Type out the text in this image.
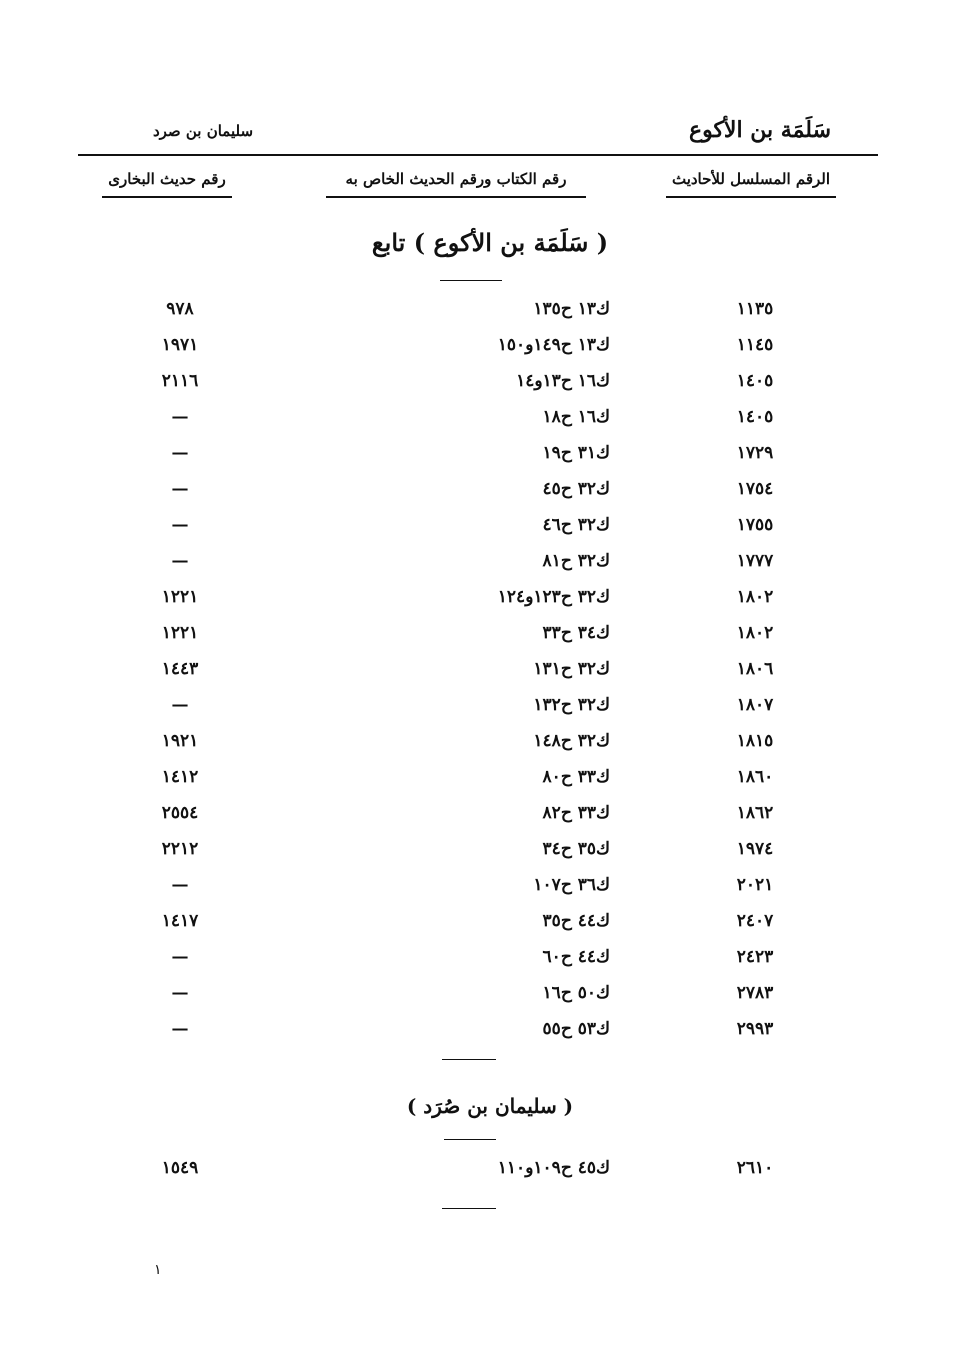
سليمان بن صرد	سَلَمَة بن الأكوع
الرقم المسلسل للأحاديث
رقم الكتاب ورقم الحديث الخاص به
رقم حديث البخارى
( سَلَمَة بن الأكوع ) تابع
١١٣٥
ك١٣ ح١٣٥
٩٧٨
١١٤٥
ك١٣ ح١٤٩و١٥٠
١٩٧١
١٤٠٥
ك١٦ ح١٣و١٤
٢١١٦
١٤٠٥
ك١٦ ح١٨
—
١٧٢٩
ك٣١ ح١٩
—
١٧٥٤
ك٣٢ ح٤٥
—
١٧٥٥
ك٣٢ ح٤٦
—
١٧٧٧
ك٣٢ ح٨١
—
١٨٠٢
ك٣٢ ح١٢٣و١٢٤
١٢٢١
١٨٠٢
ك٣٤ ح٣٣
١٢٢١
١٨٠٦
ك٣٢ ح١٣١
١٤٤٣
١٨٠٧
ك٣٢ ح١٣٢
—
١٨١٥
ك٣٢ ح١٤٨
١٩٢١
١٨٦٠
ك٣٣ ح٨٠
١٤١٢
١٨٦٢
ك٣٣ ح٨٢
٢٥٥٤
١٩٧٤
ك٣٥ ح٣٤
٢٢١٢
٢٠٢١
ك٣٦ ح١٠٧
—
٢٤٠٧
ك٤٤ ح٣٥
١٤١٧
٢٤٢٣
ك٤٤ ح٦٠
—
٢٧٨٣
ك٥٠ ح١٦
—
٢٩٩٣
ك٥٣ ح٥٥
—
( سليمان بن صُرَد )
٢٦١٠
ك٤٥ ح١٠٩و١١٠
١٥٤٩
١
